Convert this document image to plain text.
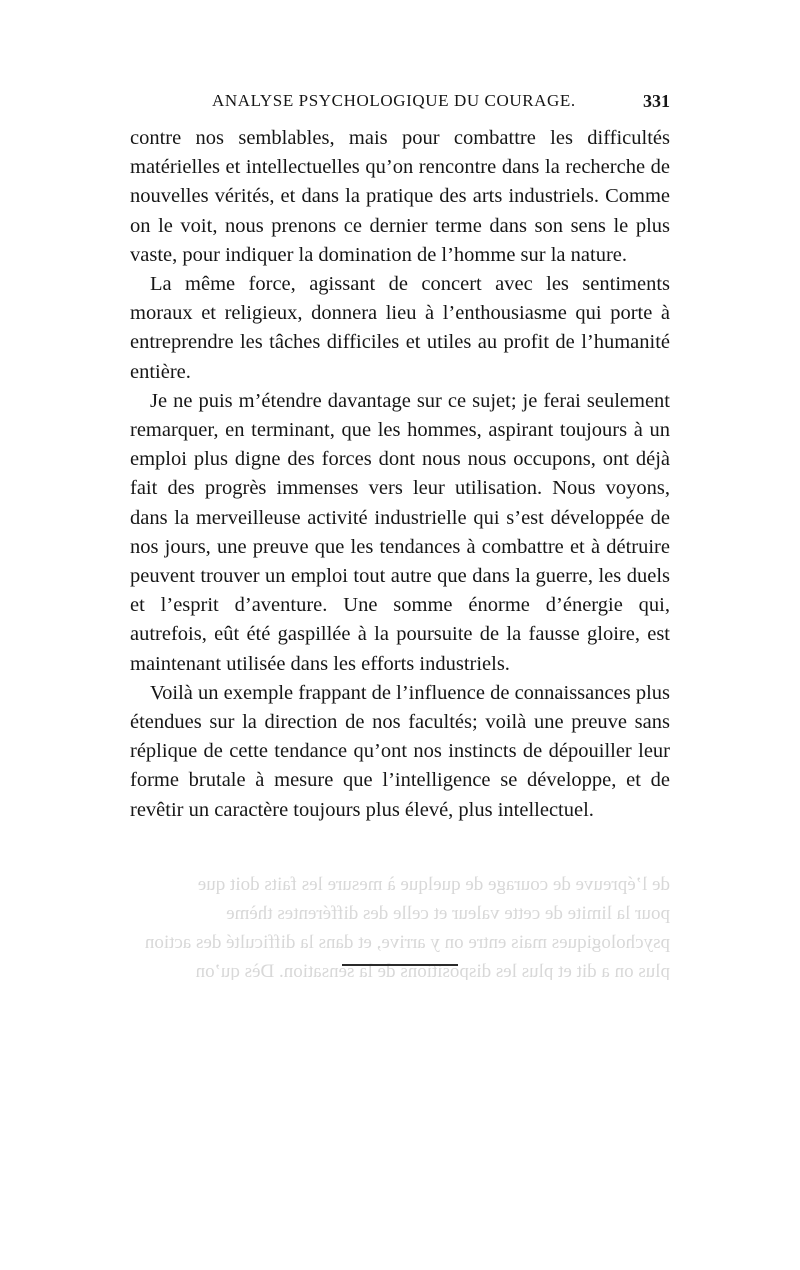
ANALYSE PSYCHOLOGIQUE DU COURAGE.	331

contre nos semblables, mais pour combattre les difficultés matérielles et intellectuelles qu’on rencontre dans la recherche de nouvelles vérités, et dans la pratique des arts industriels. Comme on le voit, nous prenons ce dernier terme dans son sens le plus vaste, pour indiquer la domination de l’homme sur la nature.

La même force, agissant de concert avec les sentiments moraux et religieux, donnera lieu à l’enthousiasme qui porte à entreprendre les tâches difficiles et utiles au profit de l’humanité entière.

Je ne puis m’étendre davantage sur ce sujet; je ferai seulement remarquer, en terminant, que les hommes, aspirant toujours à un emploi plus digne des forces dont nous nous occupons, ont déjà fait des progrès immenses vers leur utilisation. Nous voyons, dans la merveilleuse activité industrielle qui s’est développée de nos jours, une preuve que les tendances à combattre et à détruire peuvent trouver un emploi tout autre que dans la guerre, les duels et l’esprit d’aventure. Une somme énorme d’énergie qui, autrefois, eût été gaspillée à la poursuite de la fausse gloire, est maintenant utilisée dans les efforts industriels.

Voilà un exemple frappant de l’influence de connaissances plus étendues sur la direction de nos facultés; voilà une preuve sans réplique de cette tendance qu’ont nos instincts de dépouiller leur forme brutale à mesure que l’intelligence se développe, et de revêtir un caractère toujours plus élevé, plus intellectuel.

de l’épreuve de courage de quelque à mesure les faits doit que
pour la limite de cette valeur et celle des différentes thème
psychologiques mais entre on y arrive, et dans la difficulté des action
plus on a dit et plus les dispositions de la sensation. Dès qu’on
